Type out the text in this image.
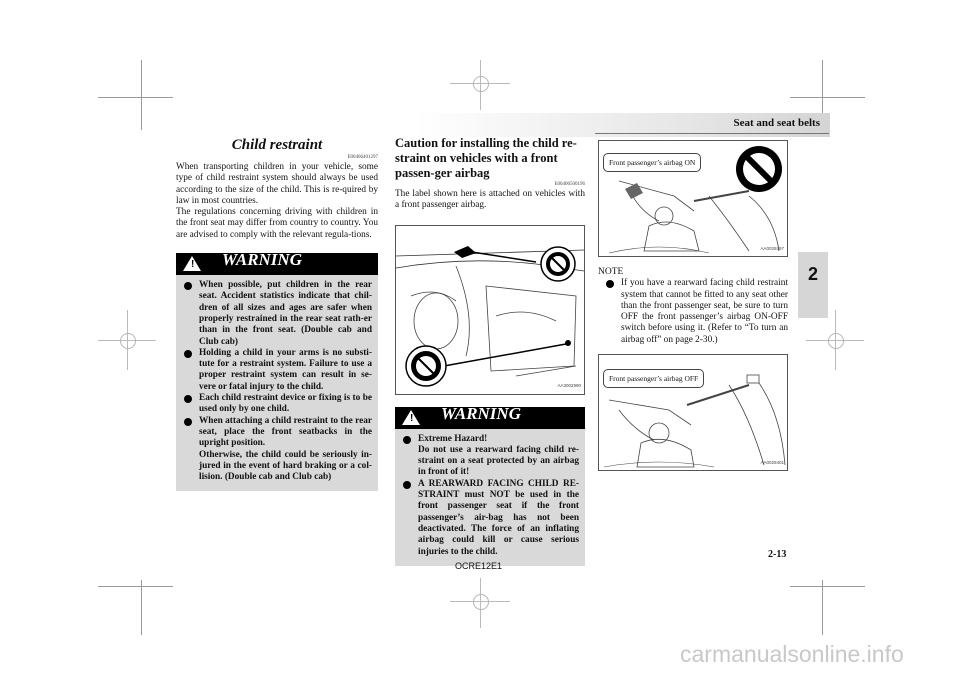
Seat and seat belts
2
Child restraint
E00406401297

When transporting children in your vehicle, some type of child restraint system should always be used according to the size of the child. This is re-quired by law in most countries.

The regulations concerning driving with children in the front seat may differ from country to country. You are advised to comply with the relevant regula-tions.

! WARNING
When possible, put children in the rear seat. Accident statistics indicate that chil-dren of all sizes and ages are safer when properly restrained in the rear seat rath-er than in the front seat. (Double cab and Club cab)
Holding a child in your arms is no substi-tute for a restraint system. Failure to use a proper restraint system can result in se-vere or fatal injury to the child.
Each child restraint device or fixing is to be used only by one child.
When attaching a child restraint to the rear seat, place the front seatbacks in the upright position.
Otherwise, the child could be seriously in-jured in the event of hard braking or a col-lision. (Double cab and Club cab)
Caution for installing the child re-straint on vehicles with a front passen-ger airbag
E00406500196

The label shown here is attached on vehicles with a front passenger airbag.

AA3002990
! WARNING
Extreme Hazard!
Do not use a rearward facing child re-straint on a seat protected by an airbag in front of it!
A REARWARD FACING CHILD RE-STRAINT must NOT be used in the front passenger seat if the front passenger’s air-bag has not been deactivated. The force of an inflating airbag could kill or cause serious injuries to the child.
Front passenger’s airbag ON
AA0029397
NOTE
If you have a rearward facing child restraint system that cannot be fitted to any seat other than the front passenger seat, be sure to turn OFF the front passenger’s airbag ON-OFF switch before using it. (Refer to “To turn an airbag off” on page 2-30.)
Front passenger’s airbag OFF
AA0029401
2-13
OCRE12E1
carmanualsonline.info
